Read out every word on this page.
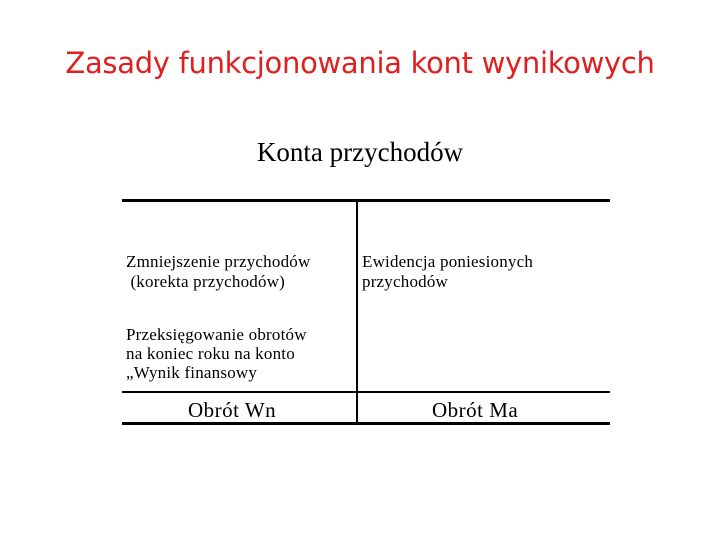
Zasady funkcjonowania kont wynikowych
Konta przychodów
Zmniejszenie przychodów
(korekta przychodów)
Ewidencja poniesionych
przychodów
Przeksięgowanie obrotów
na koniec roku na konto
„Wynik finansowy
Obrót Wn	Obrót Ma
